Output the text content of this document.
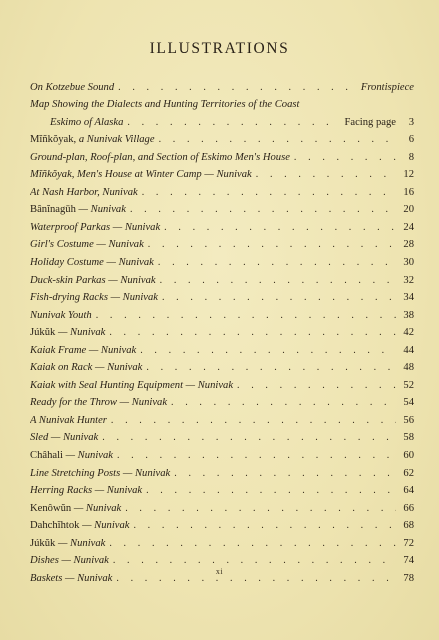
ILLUSTRATIONS
On Kotzebue Sound . . .	Frontispiece
Map Showing the Dialects and Hunting Territories of the Coast
Eskimo of Alaska . . .	Facing page	3
Mĭñkŏyak, a Nunivak Village . . .	6
Ground-plan, Roof-plan, and Section of Eskimo Men's House . . .	8
Mĭñkŏyak, Men's House at Winter Camp — Nunivak . . .	12
At Nash Harbor, Nunivak . . .	16
Bânĭnagūh — Nunivak . . .	20
Waterproof Parkas — Nunivak . . .	24
Girl's Costume — Nunivak . . .	28
Holiday Costume — Nunivak . . .	30
Duck-skin Parkas — Nunivak . . .	32
Fish-drying Racks — Nunivak . . .	34
Nunivak Youth . . .	38
Júkŭk — Nunivak . . .	42
Kaiak Frame — Nunivak . . .	44
Kaiak on Rack — Nunivak . . .	48
Kaiak with Seal Hunting Equipment — Nunivak . . .	52
Ready for the Throw — Nunivak . . .	54
A Nunivak Hunter . . .	56
Sled — Nunivak . . .	58
Châhali — Nunivak . . .	60
Line Stretching Posts — Nunivak . . .	62
Herring Racks — Nunivak . . .	64
Kenôwŭn — Nunivak . . .	66
Dahchĭhtok — Nunivak . . .	68
Júkŭk — Nunivak . . .	72
Dishes — Nunivak . . .	74
Baskets — Nunivak . . .	78
xi
